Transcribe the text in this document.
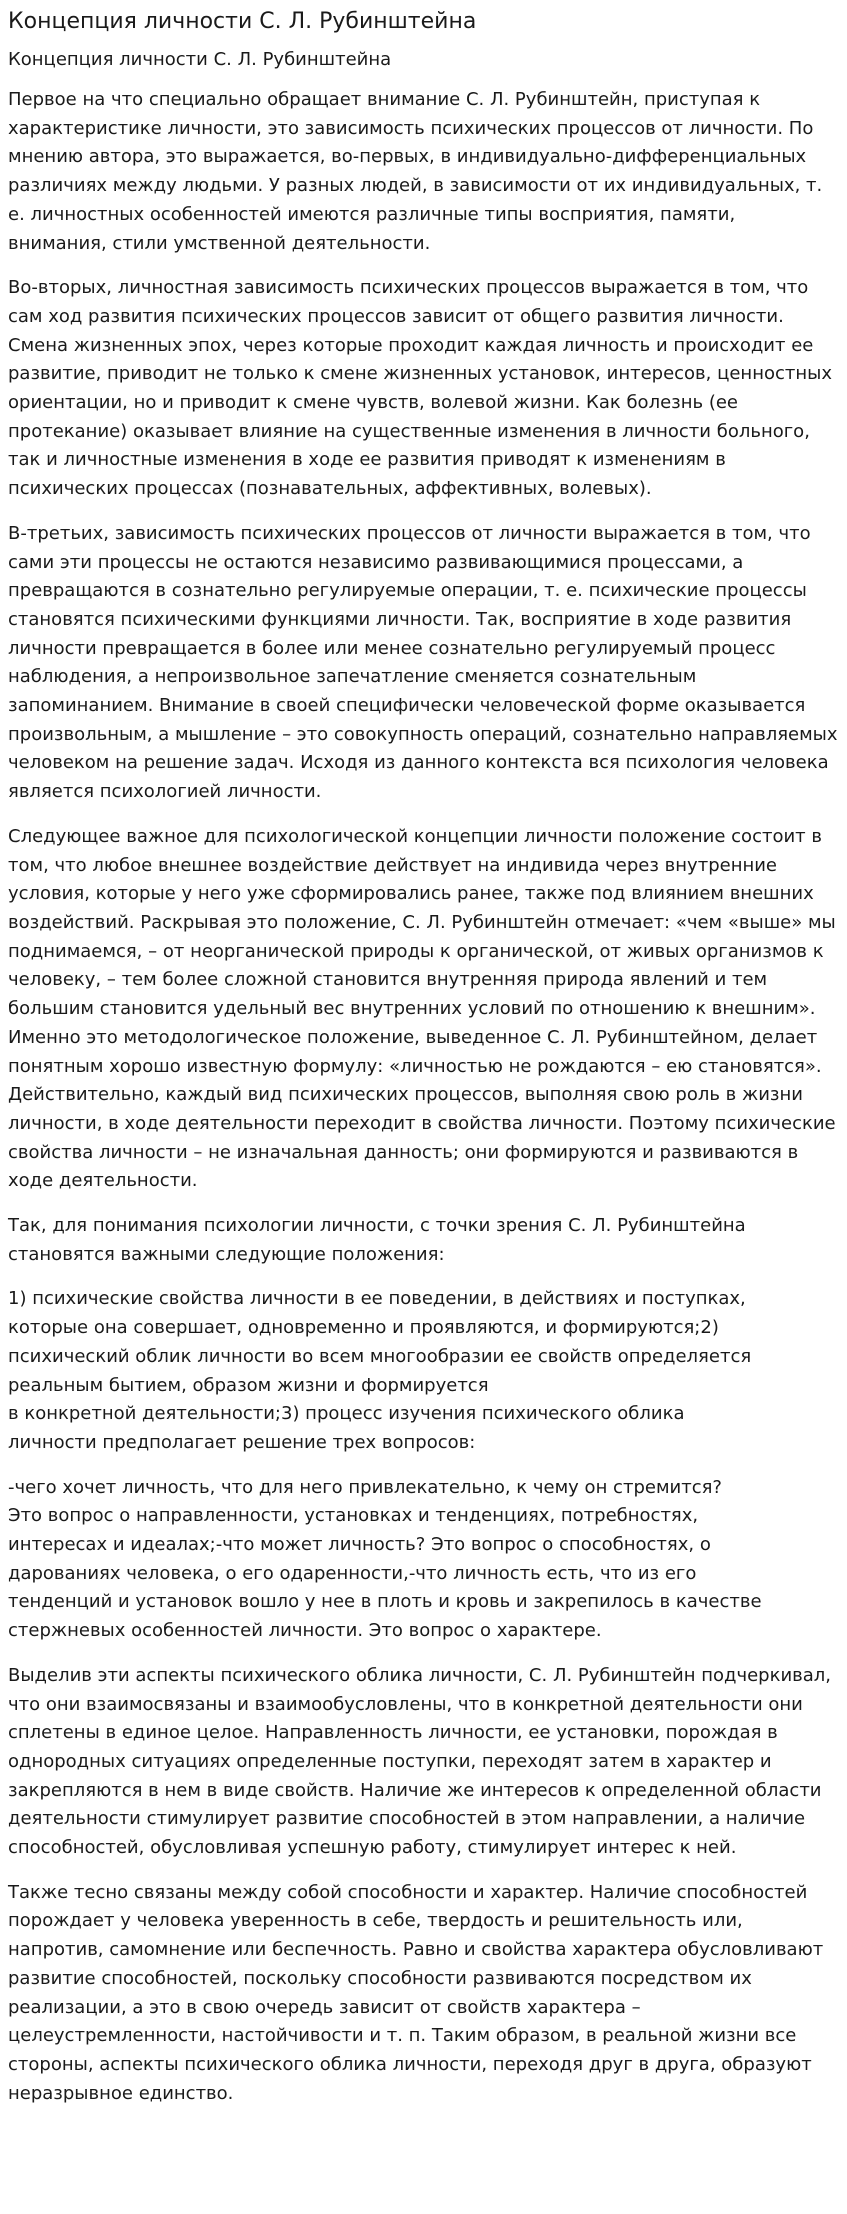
Концепция личности С. Л. Рубинштейна
Концепция личности С. Л. Рубинштейна

Первое на что специально обращает внимание С. Л. Рубинштейн, приступая к характеристике личности, это зависимость психических процессов от личности. По мнению автора, это выражается, во-первых, в индивидуально-дифференциальных различиях между людьми. У разных людей, в зависимости от их индивидуальных, т. е. личностных особенностей имеются различные типы восприятия, памяти, внимания, стили умственной деятельности.

Во-вторых, личностная зависимость психических процессов выражается в том, что сам ход развития психических процессов зависит от общего развития личности. Смена жизненных эпох, через которые проходит каждая личность и происходит ее развитие, приводит не только к смене жизненных установок, интересов, ценностных ориентации, но и приводит к смене чувств, волевой жизни. Как болезнь (ее протекание) оказывает влияние на существенные изменения в личности больного, так и личностные изменения в ходе ее развития приводят к изменениям в психических процессах (познавательных, аффективных, волевых).

В-третьих, зависимость психических процессов от личности выражается в том, что сами эти процессы не остаются независимо развивающимися процессами, а превращаются в сознательно регулируемые операции, т. е. психические процессы становятся психическими функциями личности. Так, восприятие в ходе развития личности превращается в более или менее сознательно регулируемый процесс наблюдения, а непроизвольное запечатление сменяется сознательным запоминанием. Внимание в своей специфически человеческой форме оказывается произвольным, а мышление – это совокупность операций, сознательно направляемых человеком на решение задач. Исходя из данного контекста вся психология человека является психологией личности.

Следующее важное для психологической концепции личности положение состоит в том, что любое внешнее воздействие действует на индивида через внутренние условия, которые у него уже сформировались ранее, также под влиянием внешних воздействий. Раскрывая это положение, С. Л. Рубинштейн отмечает: «чем «выше» мы поднимаемся, – от неорганической природы к органической, от живых организмов к человеку, – тем более сложной становится внутренняя природа явлений и тем большим становится удельный вес внутренних условий по отношению к внешним». Именно это методологическое положение, выведенное С. Л. Рубинштейном, делает понятным хорошо известную формулу: «личностью не рождаются – ею становятся». Действительно, каждый вид психических процессов, выполняя свою роль в жизни личности, в ходе деятельности переходит в свойства личности. Поэтому психические свойства личности – не изначальная данность; они формируются и развиваются в ходе деятельности.

Так, для понимания психологии личности, с точки зрения С. Л. Рубинштейна становятся важными следующие положения:

1) психические свойства личности в ее поведении, в действиях и поступках,
которые она совершает, одновременно и проявляются, и формируются;2)
психический облик личности во всем многообразии ее свойств определяется
реальным бытием, образом жизни и формируется
в конкретной деятельности;3) процесс изучения психического облика
личности предполагает решение трех вопросов:
-чего хочет личность, что для него привлекательно, к чему он стремится?
Это вопрос о направленности, установках и тенденциях, потребностях,
интересах и идеалах;-что может личность? Это вопрос о способностях, о
дарованиях человека, о его одаренности,-что личность есть, что из его
тенденций и установок вошло у нее в плоть и кровь и закрепилось в качестве
стержневых особенностей личности. Это вопрос о характере.

Выделив эти аспекты психического облика личности, С. Л. Рубинштейн подчеркивал, что они взаимосвязаны и взаимообусловлены, что в конкретной деятельности они сплетены в единое целое. Направленность личности, ее установки, порождая в однородных ситуациях определенные поступки, переходят затем в характер и закрепляются в нем в виде свойств. Наличие же интересов к определенной области деятельности стимулирует развитие способностей в этом направлении, а наличие способностей, обусловливая успешную работу, стимулирует интерес к ней.

Также тесно связаны между собой способности и характер. Наличие способностей порождает у человека уверенность в себе, твердость и решительность или, напротив, самомнение или беспечность. Равно и свойства характера обусловливают развитие способностей, поскольку способности развиваются посредством их реализации, а это в свою очередь зависит от свойств характера – целеустремленности, настойчивости и т. п. Таким образом, в реальной жизни все стороны, аспекты психического облика личности, переходя друг в друга, образуют неразрывное единство.
